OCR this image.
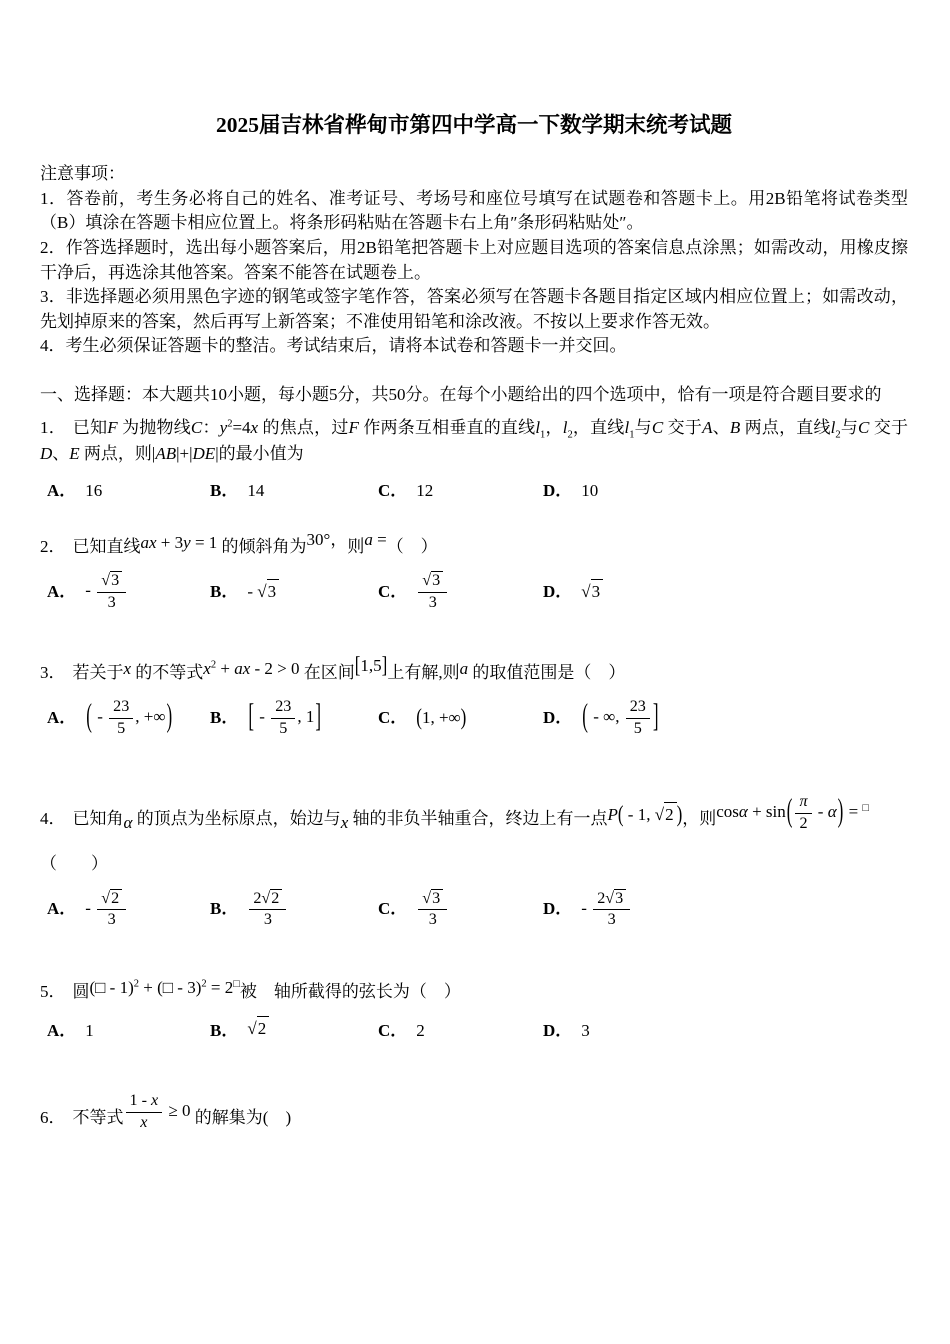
2025届吉林省桦甸市第四中学高一下数学期末统考试题

注意事项：

1．答卷前，考生务必将自己的姓名、准考证号、考场号和座位号填写在试题卷和答题卡上。用2B铅笔将试卷类型（B）填涂在答题卡相应位置上。将条形码粘贴在答题卡右上角″条形码粘贴处″。

2．作答选择题时，选出每小题答案后，用2B铅笔把答题卡上对应题目选项的答案信息点涂黑；如需改动，用橡皮擦干净后，再选涂其他答案。答案不能答在试题卷上。

3．非选择题必须用黑色字迹的钢笔或签字笔作答，答案必须写在答题卡各题目指定区域内相应位置上；如需改动，先划掉原来的答案，然后再写上新答案；不准使用铅笔和涂改液。不按以上要求作答无效。

4．考生必须保证答题卡的整洁。考试结束后，请将本试卷和答题卡一并交回。

一、选择题：本大题共10小题，每小题5分，共50分。在每个小题给出的四个选项中，恰有一项是符合题目要求的
1． 已知F 为抛物线C：$y^2=4x$ 的焦点，过F 作两条互相垂直的直线$l_1$，$l_2$，直线$l_1$与C 交于A、B 两点，直线$l_2$与C 交于D、E 两点，则|AB|+|DE|的最小值为
A． 16	B． 14	C． 12	D． 10
2． 已知直线ax + 3y = 1 的倾斜角为30°，则a =（　）
A． - $\frac{√3}{3}$	B． - √3	C． $\frac{√3}{3}$	D． √3
3． 若关于x 的不等式$x^2$ + ax - 2 > 0 在区间[1,5]上有解,则a 的取值范围是（　）
A． ( - $\frac{23}{5}$ , +∞) B． [ - $\frac{23}{5}$ , 1]	C． (1, +∞)	D． ( - ∞, $\frac{23}{5}$ ]
4． 已知角α 的顶点为坐标原点，始边与x 轴的非负半轴重合，终边上有一点P( - 1, √2 )，则$\cos\alpha + \sin( \frac{\pi}{2} - \alpha) = ^□$
（　　）
A． - $\frac{√2}{3}$	B． $\frac{2√2}{3}$	C． $\frac{√3}{3}$	D． - $\frac{2√3}{3}$
5． 圆(□ - 1)$^2$ + (□ - 3)$^2$ = 2□被　轴所截得的弦长为（　）
A． 1	B． √2	C． 2	D． 3
6． 不等式 $\frac{1 - x}{x} \ge 0$ 的解集为(　)
